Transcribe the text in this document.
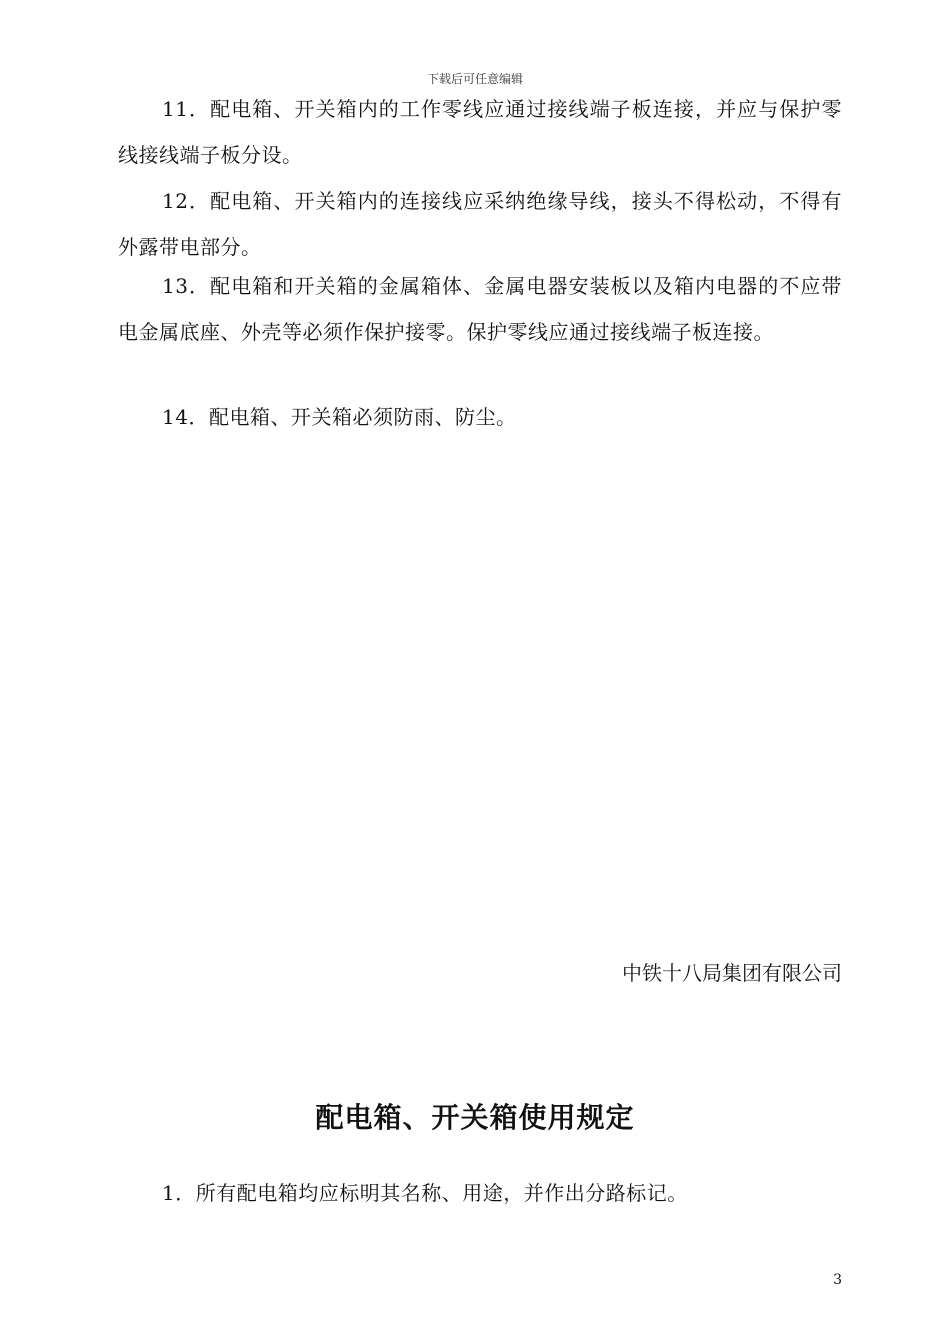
下载后可任意编辑
11．配电箱、开关箱内的工作零线应通过接线端子板连接，并应与保护零线接线端子板分设。
12．配电箱、开关箱内的连接线应采纳绝缘导线，接头不得松动，不得有外露带电部分。
13．配电箱和开关箱的金属箱体、金属电器安装板以及箱内电器的不应带电金属底座、外壳等必须作保护接零。保护零线应通过接线端子板连接。
14．配电箱、开关箱必须防雨、防尘。
中铁十八局集团有限公司
配电箱、开关箱使用规定
1．所有配电箱均应标明其名称、用途，并作出分路标记。
3
